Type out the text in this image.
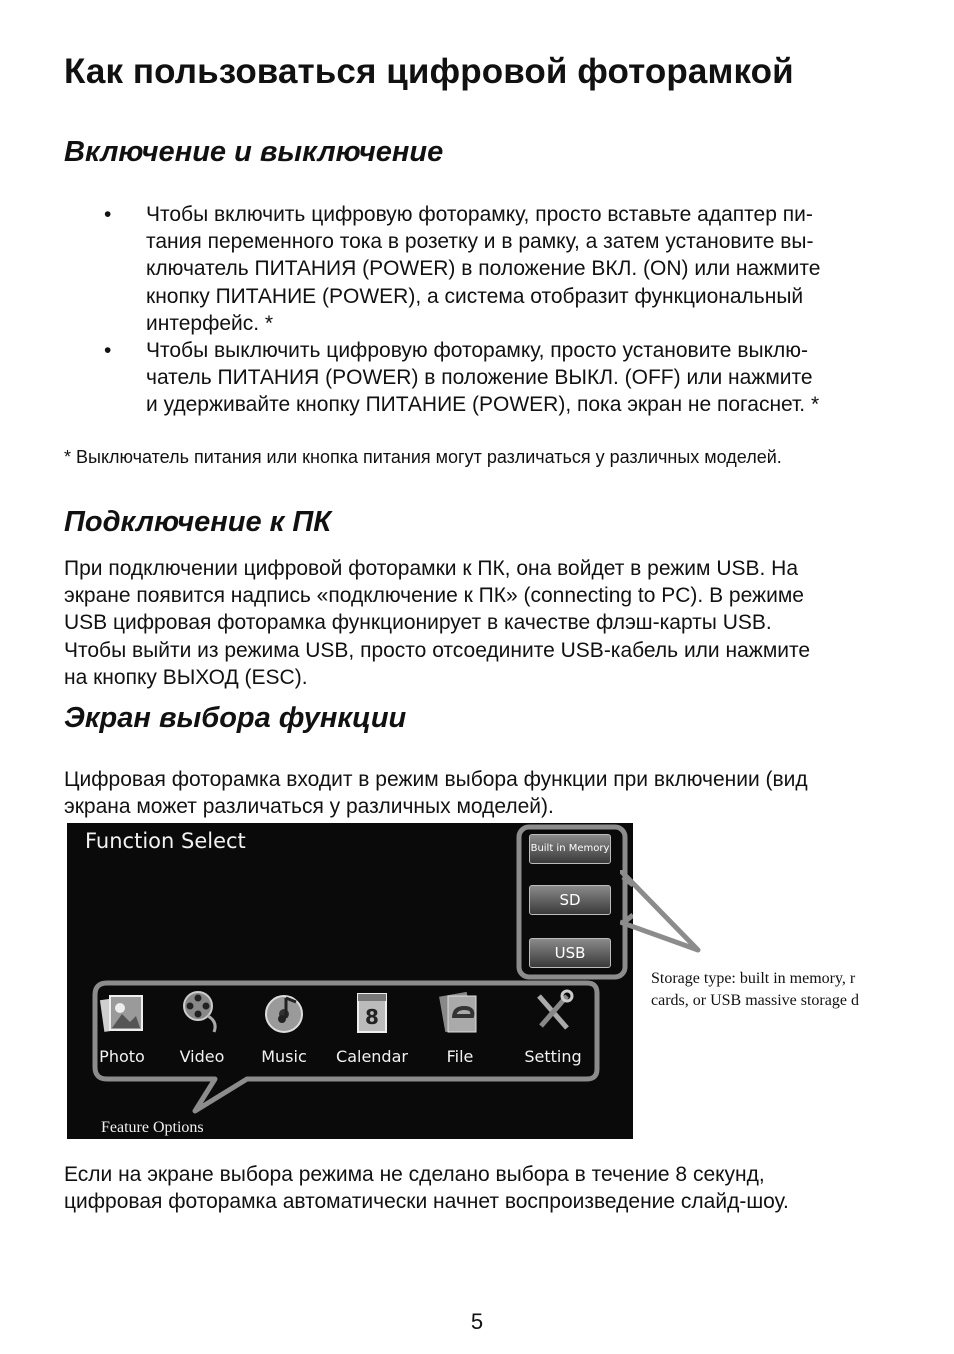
Как пользоваться цифровой фоторамкой
Включение и выключение
• Чтобы включить цифровую фоторамку, просто вставьте адаптер пи-
тания переменного тока в розетку и в рамку, а затем установите вы-
ключатель ПИТАНИЯ (POWER) в положение ВКЛ. (ON) или нажмите
кнопку ПИТАНИЕ (POWER), а система отобразит функциональный
интерфейс. *
• Чтобы выключить цифровую фоторамку, просто установите выклю-
чатель ПИТАНИЯ (POWER) в положение ВЫКЛ. (OFF) или нажмите
и удерживайте кнопку ПИТАНИЕ (POWER), пока экран не погаснет. *
* Выключатель питания или кнопка питания могут различаться у различных моделей.
Подключение к ПК
При подключении цифровой фоторамки к ПК, она войдет в режим USB. На
экране появится надпись «подключение к ПК» (connecting to PC). В режиме
USB цифровая фоторамка функционирует в качестве флэш-карты USB.
Чтобы выйти из режима USB, просто отсоедините USB-кабель или нажмите
на кнопку ВЫХОД (ESC).
Экран выбора функции
Цифровая фоторамка входит в режим выбора функции при включении (вид
экрана может различаться у различных моделей).
Function Select	Built in Memory
SD
USB
Photo	Video	Music
8
Calendar	File	Setting
Feature Options
Storage type: built in memory, r
cards, or USB massive storage d
Если на экране выбора режима не сделано выбора в течение 8 секунд,
цифровая фоторамка автоматически начнет воспроизведение слайд-шоу.
5
